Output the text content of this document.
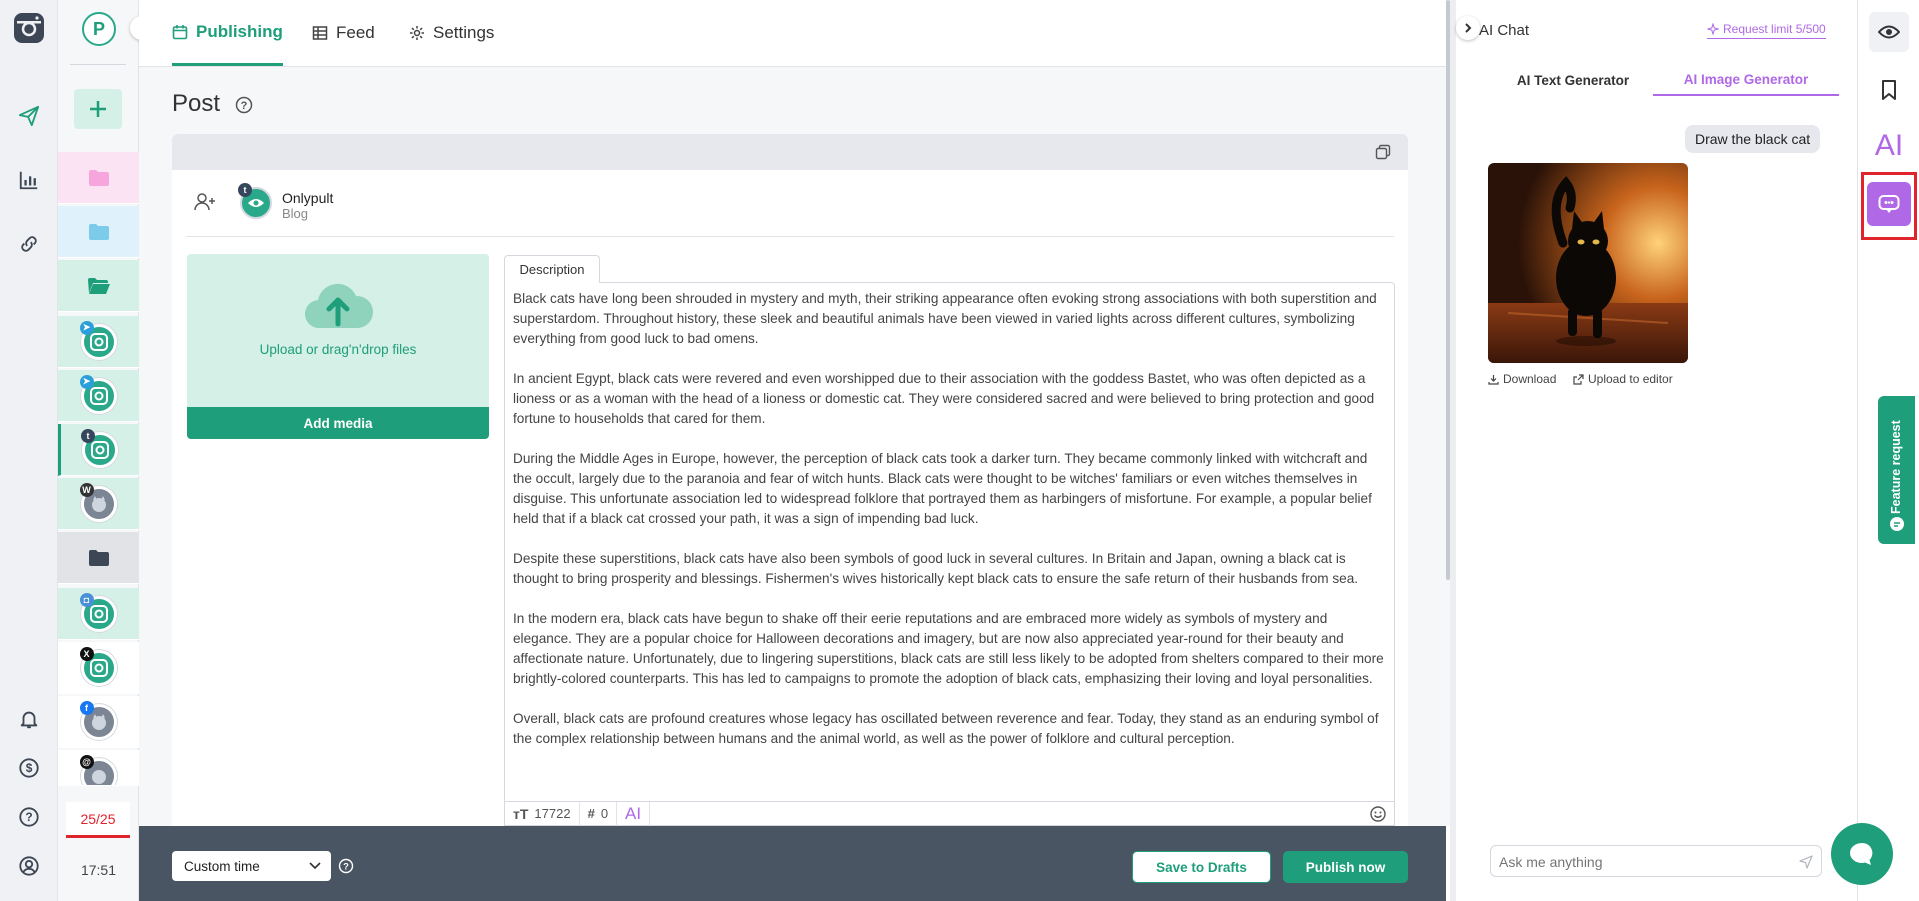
$
?
P
➤
➤
t
W
◘
X
f
@
25/25
17:51
Publishing	Feed	Settings
Post ?
t	Onlypult
Blog
Upload or drag'n'drop files
Add media
Description

Black cats have long been shrouded in mystery and myth, their striking appearance often evoking strong associations with both superstition and superstardom. Throughout history, these sleek and beautiful animals have been viewed in varied lights across different cultures, symbolizing everything from good luck to bad omens.

In ancient Egypt, black cats were revered and even worshipped due to their association with the goddess Bastet, who was often depicted as a lioness or as a woman with the head of a lioness or domestic cat. They were considered sacred and were believed to bring protection and good fortune to households that cared for them.

During the Middle Ages in Europe, however, the perception of black cats took a darker turn. They became commonly linked with witchcraft and the occult, largely due to the paranoia and fear of witch hunts. Black cats were thought to be witches' familiars or even witches themselves in disguise. This unfortunate association led to widespread folklore that portrayed them as harbingers of misfortune. For example, a popular belief held that if a black cat crossed your path, it was a sign of impending bad luck.

Despite these superstitions, black cats have also been symbols of good luck in several cultures. In Britain and Japan, owning a black cat is thought to bring prosperity and blessings. Fishermen's wives historically kept black cats to ensure the safe return of their husbands from sea.

In the modern era, black cats have begun to shake off their eerie reputations and are embraced more widely as symbols of mystery and elegance. They are a popular choice for Halloween decorations and imagery, but are now also appreciated year-round for their beauty and affectionate nature. Unfortunately, due to lingering superstitions, black cats are still less likely to be adopted from shelters compared to their more brightly-colored counterparts. This has led to campaigns to promote the adoption of black cats, emphasizing their loving and loyal personalities.

Overall, black cats are profound creatures whose legacy has oscillated between reverence and fear. Today, they stand as an enduring symbol of the complex relationship between humans and the animal world, as well as the power of folklore and cultural perception.

ᴛT 17722 # 0	AI
Custom time	?	Save to Drafts	Publish now
AI Chat	Request limit 5/500
AI Text Generator	AI Image Generator
Draw the black cat
Download	Upload to editor
Ask me anything
AI
Feature request
